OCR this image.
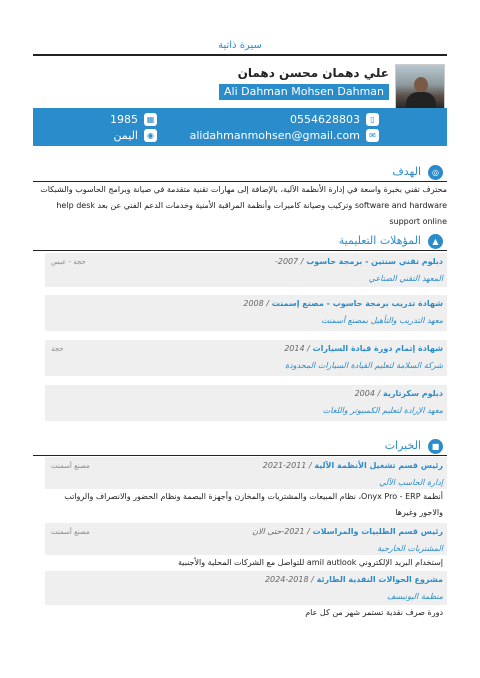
سيرة ذاتية
علي دهمان محسن دهمان
Ali Dahman Mohsen Dahman
▯
0554628803
✉
alidahmanmohsen@gmail.com
▦
1985
◉
اليمن
◎
الهدف
محترف تقني بخبرة واسعة في إدارة الأنظمة الآلية، بالإضافة إلى مهارات تقنية متقدمة في صيانة وبرامج الحاسوب والشبكات software and hardware وتركيب وصيانة كاميرات وأنظمة المراقبة الأمنية وخدمات الدعم الفني عن بعد help desk support online
▲
المؤهلات التعليمية
دبلوم تقني سنتين - برمجة حاسوب / 2007-
حجة - عبس
المعهد التقني الصناعي
شهادة تدريب برمجة حاسوب - مصنع إسمنت / 2008
معهد التدريب والتأهيل بمصنع أسمنت
شهادة إتمام دورة قيادة السيارات / 2014
حجة
شركة السلامة لتعليم القيادة السيارات المحدودة
دبلوم سكرتارية / 2004
معهد الإرادة لتعليم الكمبيوتر واللغات
■
الخبرات
رئيس قسم تشغيل الأنظمة الآلية / 2011-2021
مصنع أسمنت
إدارة الحاسب الآلي
أنظمة Onyx Pro - ERP، نظام المبيعات والمشتريات والمخازن وأجهزة البصمة ونظام الحضور والانصراف والرواتب والاجور وغيرها
رئيس قسم الطلبيات والمراسلات / 2021-حتى الان
مصنع أسمنت
المشتريات الخارجية
إستخدام البريد الإلكتروني amil autlook للتواصل مع الشركات المحلية والأجنبية
مشروع الحوالات النقدية الطارئة / 2018-2024
منظمة اليونيسف
دورة صرف نقدية تستمر شهر من كل عام
